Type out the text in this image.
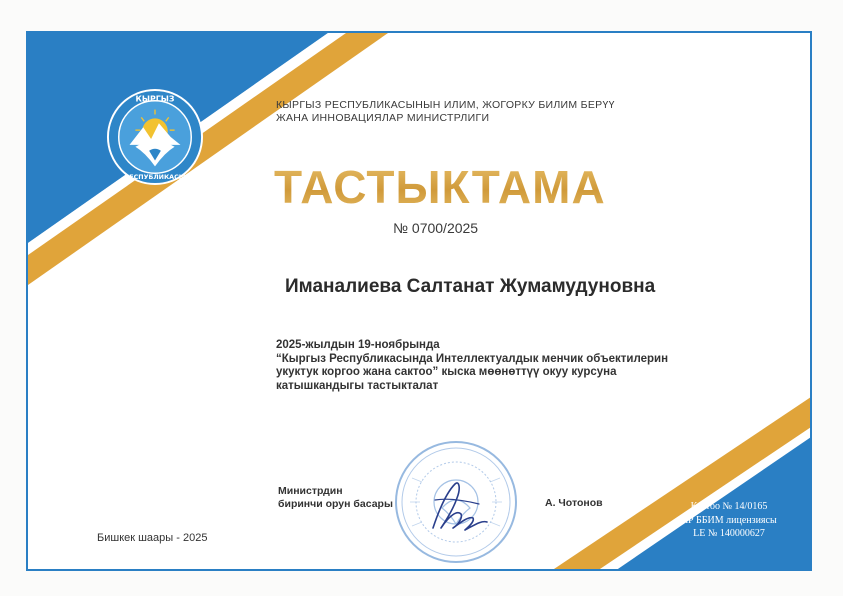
КЫРГЫЗ
РЕСПУБЛИКАСЫ
КЫРГЫЗ РЕСПУБЛИКАСЫНЫН ИЛИМ, ЖОГОРКУ БИЛИМ БЕРҮҮ
ЖАНА ИННОВАЦИЯЛАР МИНИСТРЛИГИ
ТАСТЫКТАМА
№ 0700/2025
Иманалиева Салтанат Жумамудуновна
2025-жылдын 19-ноябрында
“Кыргыз Республикасында Интеллектуалдык менчик объектилерин
укуктук коргоо жана сактоо” кыска мөөнөттүү окуу курсуна
катышкандыгы тастыкталат
Министрдин
биринчи орун басары	А. Чотонов
Бишкек шаары - 2025
Каттоо № 14/0165
КР ББИМ лицензиясы
LE № 140000627
